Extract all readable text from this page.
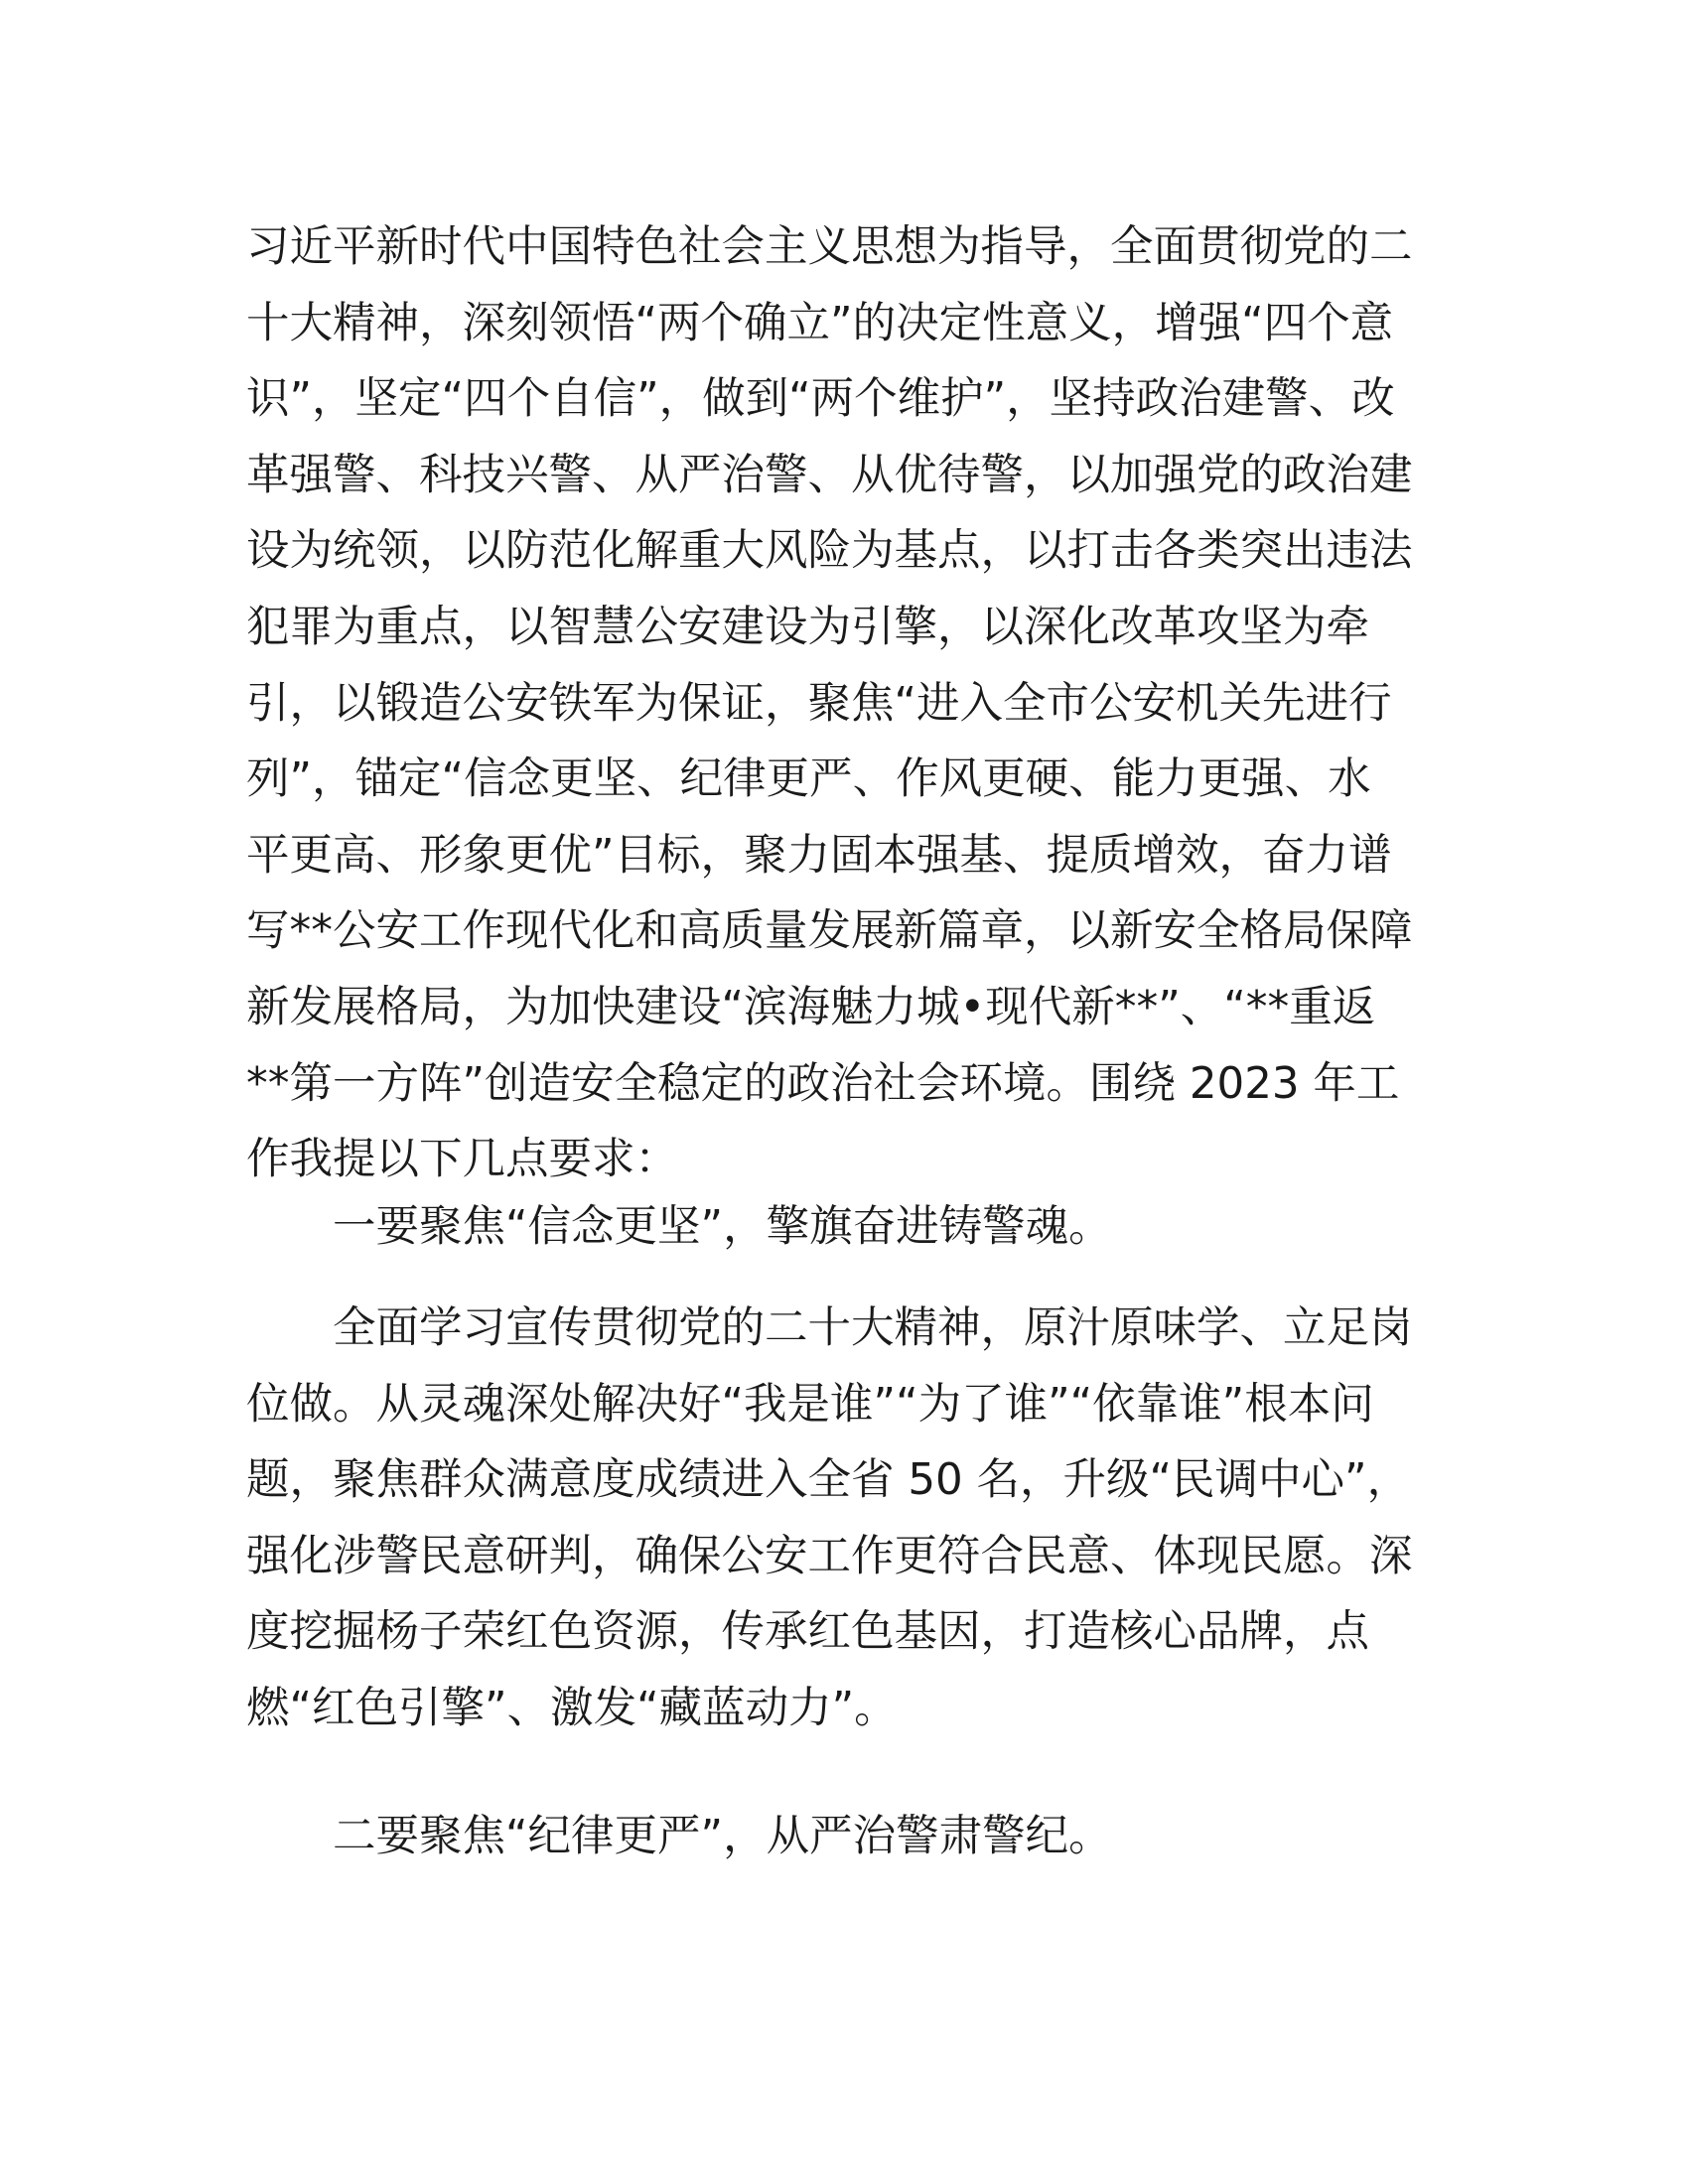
习近平新时代中国特色社会主义思想为指导，全面贯彻党的二
十大精神，深刻领悟“两个确立”的决定性意义，增强“四个意
识”，坚定“四个自信”，做到“两个维护”，坚持政治建警、改
革强警、科技兴警、从严治警、从优待警，以加强党的政治建
设为统领，以防范化解重大风险为基点，以打击各类突出违法
犯罪为重点，以智慧公安建设为引擎，以深化改革攻坚为牵
引，以锻造公安铁军为保证，聚焦“进入全市公安机关先进行
列”，锚定“信念更坚、纪律更严、作风更硬、能力更强、水
平更高、形象更优”目标，聚力固本强基、提质增效，奋力谱
写**公安工作现代化和高质量发展新篇章，以新安全格局保障
新发展格局，为加快建设“滨海魅力城•现代新**”、“**重返
**第一方阵”创造安全稳定的政治社会环境。围绕 2023 年工
作我提以下几点要求：

一要聚焦“信念更坚”，擎旗奋进铸警魂。

全面学习宣传贯彻党的二十大精神，原汁原味学、立足岗
位做。从灵魂深处解决好“我是谁”“为了谁”“依靠谁”根本问
题，聚焦群众满意度成绩进入全省 50 名，升级“民调中心”，
强化涉警民意研判，确保公安工作更符合民意、体现民愿。深
度挖掘杨子荣红色资源，传承红色基因，打造核心品牌，点
燃“红色引擎”、激发“藏蓝动力”。

二要聚焦“纪律更严”，从严治警肃警纪。
